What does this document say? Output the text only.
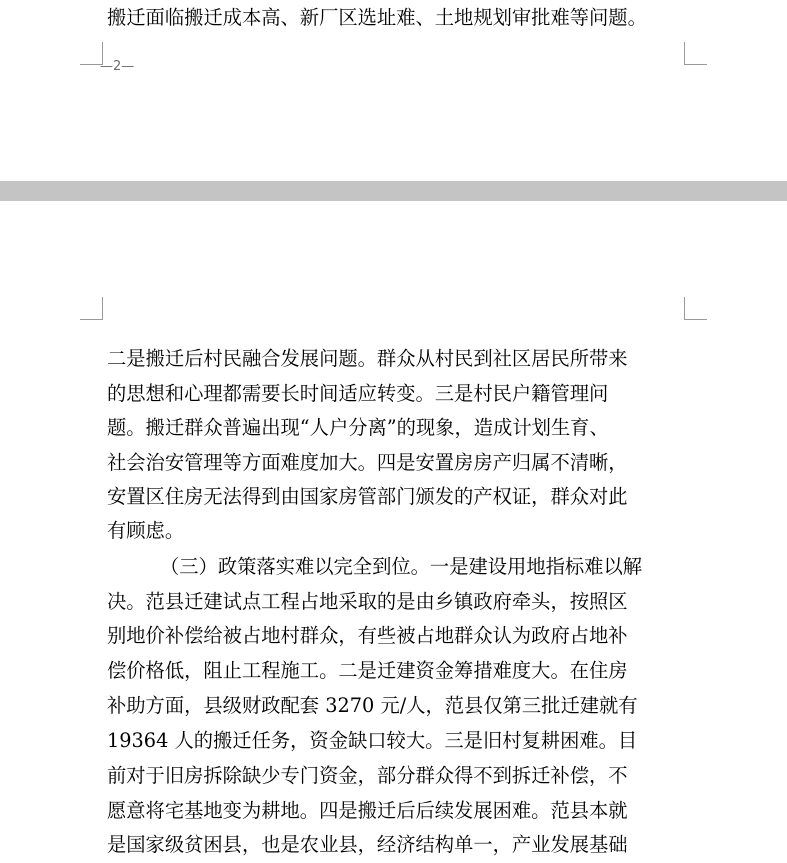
搬迁面临搬迁成本高、新厂区选址难、土地规划审批难等问题。
—2—
二是搬迁后村民融合发展问题。群众从村民到社区居民所带来
的思想和心理都需要长时间适应转变。三是村民户籍管理问
题。搬迁群众普遍出现“人户分离”的现象，造成计划生育、
社会治安管理等方面难度加大。四是安置房房产归属不清晰，
安置区住房无法得到由国家房管部门颁发的产权证，群众对此
有顾虑。
（三）政策落实难以完全到位。一是建设用地指标难以解
决。范县迁建试点工程占地采取的是由乡镇政府牵头，按照区
别地价补偿给被占地村群众，有些被占地群众认为政府占地补
偿价格低，阻止工程施工。二是迁建资金筹措难度大。在住房
补助方面，县级财政配套 3270 元/人，范县仅第三批迁建就有
19364 人的搬迁任务，资金缺口较大。三是旧村复耕困难。目
前对于旧房拆除缺少专门资金，部分群众得不到拆迁补偿，不
愿意将宅基地变为耕地。四是搬迁后后续发展困难。范县本就
是国家级贫困县，也是农业县，经济结构单一，产业发展基础
